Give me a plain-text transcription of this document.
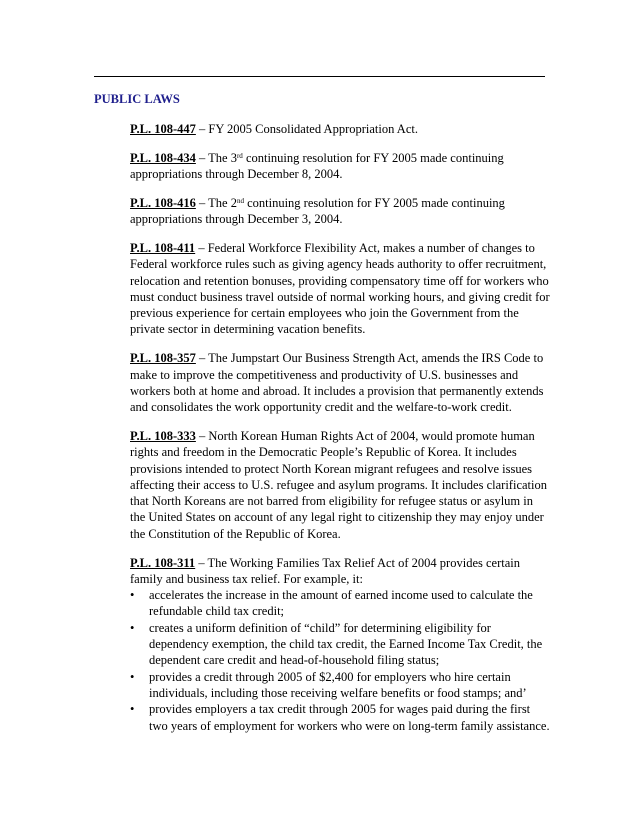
PUBLIC LAWS

P.L. 108-447 – FY 2005 Consolidated Appropriation Act.

P.L. 108-434 – The 3rd continuing resolution for FY 2005 made continuing appropriations through December 8, 2004.

P.L. 108-416 – The 2nd continuing resolution for FY 2005 made continuing appropriations through December 3, 2004.

P.L. 108-411 – Federal Workforce Flexibility Act, makes a number of changes to Federal workforce rules such as giving agency heads authority to offer recruitment, relocation and retention bonuses, providing compensatory time off for workers who must conduct business travel outside of normal working hours, and giving credit for previous experience for certain employees who join the Government from the private sector in determining vacation benefits.

P.L. 108-357 – The Jumpstart Our Business Strength Act, amends the IRS Code to make to improve the competitiveness and productivity of U.S. businesses and workers both at home and abroad. It includes a provision that permanently extends and consolidates the work opportunity credit and the welfare-to-work credit.

P.L. 108-333 – North Korean Human Rights Act of 2004, would promote human rights and freedom in the Democratic People’s Republic of Korea. It includes provisions intended to protect North Korean migrant refugees and resolve issues affecting their access to U.S. refugee and asylum programs. It includes clarification that North Koreans are not barred from eligibility for refugee status or asylum in the United States on account of any legal right to citizenship they may enjoy under the Constitution of the Republic of Korea.

P.L. 108-311 – The Working Families Tax Relief Act of 2004 provides certain family and business tax relief. For example, it:
• accelerates the increase in the amount of earned income used to calculate the refundable child tax credit;
• creates a uniform definition of “child” for determining eligibility for dependency exemption, the child tax credit, the Earned Income Tax Credit, the dependent care credit and head-of-household filing status;
• provides a credit through 2005 of $2,400 for employers who hire certain individuals, including those receiving welfare benefits or food stamps; and’
• provides employers a tax credit through 2005 for wages paid during the first two years of employment for workers who were on long-term family assistance.
